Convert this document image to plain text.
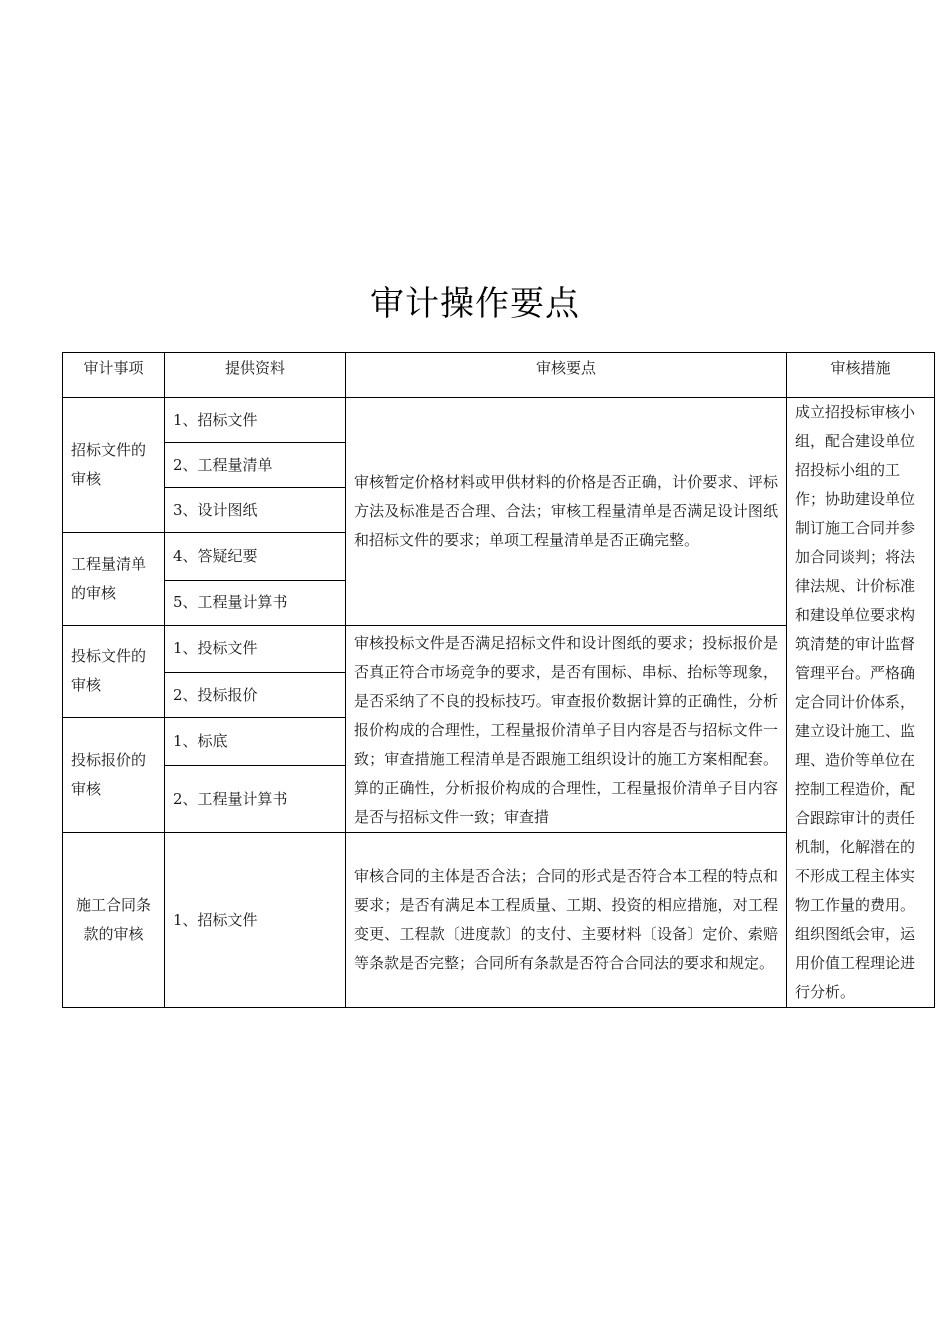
审计操作要点
审计事项	提供资料	审核要点	审核措施
招标文件的审核	1、招标文件	审核暂定价格材料或甲供材料的价格是否正确，计价要求、评标方法及标准是否合理、合法；审核工程量清单是否满足设计图纸和招标文件的要求；单项工程量清单是否正确完整。	成立招投标审核小组，配合建设单位招投标小组的工作；协助建设单位制订施工合同并参加合同谈判；将法律法规、计价标准和建设单位要求构筑清楚的审计监督管理平台。严格确定合同计价体系，建立设计施工、监理、造价等单位在控制工程造价，配合跟踪审计的责任机制，化解潜在的不形成工程主体实物工作量的费用。组织图纸会审，运用价值工程理论进行分析。
	2、工程量清单		
	3、设计图纸		
工程量清单的审核	4、答疑纪要		
	5、工程量计算书		
投标文件的审核	1、投标文件	审核投标文件是否满足招标文件和设计图纸的要求；投标报价是否真正符合市场竞争的要求，是否有围标、串标、抬标等现象，是否采纳了不良的投标技巧。审查报价数据计算的正确性，分析报价构成的合理性，工程量报价清单子目内容是否与招标文件一致；审查措施工程清单是否跟施工组织设计的施工方案相配套。算的正确性，分析报价构成的合理性，工程量报价清单子目内容是否与招标文件一致；审查措	

	2、投标报价		
投标报价的审核	1、标底		
	2、工程量计算书		
施工合同条款的审核	1、招标文件	审核合同的主体是否合法；合同的形式是否符合本工程的特点和要求；是否有满足本工程质量、工期、投资的相应措施，对工程变更、工程款〔进度款〕的支付、主要材料〔设备〕定价、索赔等条款是否完整；合同所有条款是否符合合同法的要求和规定。	
